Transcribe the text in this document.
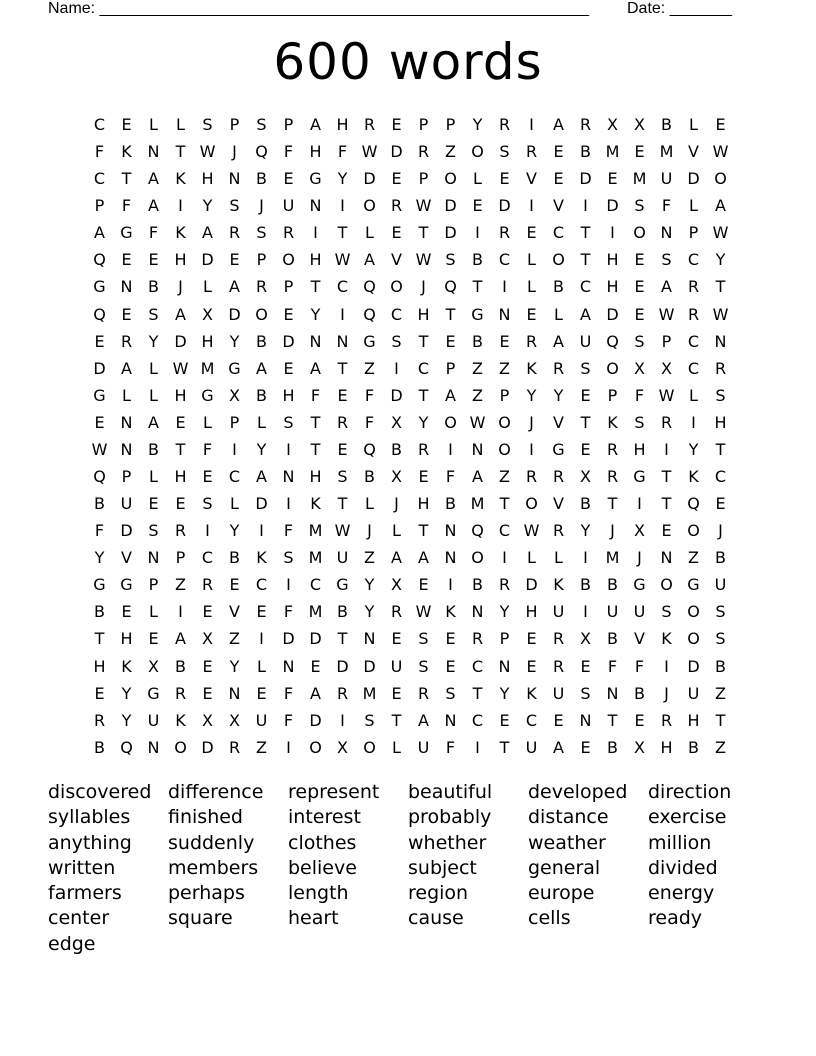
Name: _______________________________________________________ Date: _______
600 words
C	E	L	L	S	P	S	P	A H R	E	P	P	Y	R	I	A R X	X	B	L	E
F	K N	T W	J	Q	F	H	F W D R Z O S	R	E	B M E M V W
C	T	A	K H N B	E G Y D E	P O	L	E	V	E D E M U D O
P	F	A	I	Y	S	J	U N	I	O R W D E D	I	V	I	D S	F	L	A
A G	F	K	A R	S	R	I	T	L	E	T D	I	R	E	C	T	I	O N	P W
Q E	E H D E	P O H W A	V W S	B C	L	O T	H E	S	C	Y
G N B	J	L	A R	P	T	C Q O	J	Q T	I	L	B C H E	A R	T
Q E	S	A	X D O E	Y	I	Q C H	T G N E	L	A D E W R W
E	R	Y D H	Y	B D N N G S	T	E	B	E	R A U Q S	P	C N
D A	L W M G A	E	A	T	Z	I	C	P	Z	Z	K	R	S O X	X C R
G	L	L	H G X	B H	F	E	F	D T	A	Z	P	Y	Y	E	P	F W L	S
E N A	E	L	P	L	S	T	R	F	X	Y O W O	J	V	T	K	S	R	I	H
W N B	T	F	I	Y	I	T	E Q B R	I	N O	I	G E	R H	I	Y	T
Q P	L	H E	C A N H S	B	X	E	F	A	Z R R X R G T	K	C
B U	E	E	S	L	D	I	K	T	L	J	H B M T O V	B	T	I	T Q E
F	D S	R	I	Y	I	F M W	J	L	T	N Q C W R	Y	J	X	E O	J
Y	V N	P	C B	K	S M U Z	A	A N O	I	L	L	I	M	J	N Z	B
G G P	Z R	E	C	I	C G Y	X	E	I	B R D K	B	B G O G U
B	E	L	I	E	V	E	F M B	Y	R W K N	Y	H U	I	U U	S O S
T	H E	A	X	Z	I	D D T	N E	S	E	R	P	E	R X	B	V	K O S
H K	X	B	E	Y	L	N E D D U	S	E	C N E	R	E	F	F	I	D B
E	Y G R	E N E	F	A R M E	R	S	T	Y	K U	S N B	J	U Z
R	Y	U K	X	X U	F	D	I	S	T	A N C	E	C	E N	T	E	R H	T
B Q N O D R Z	I	O X O	L	U	F	I	T	U A	E	B	X H B	Z
discovered difference	represent	beautiful	developed	direction
syllables	finished	interest	probably	distance	exercise
anything	suddenly	clothes	whether	weather	million
written	members	believe	subject	general	divided
farmers	perhaps	length	region	europe	energy
center	square	heart	cause	cells	ready
edge
